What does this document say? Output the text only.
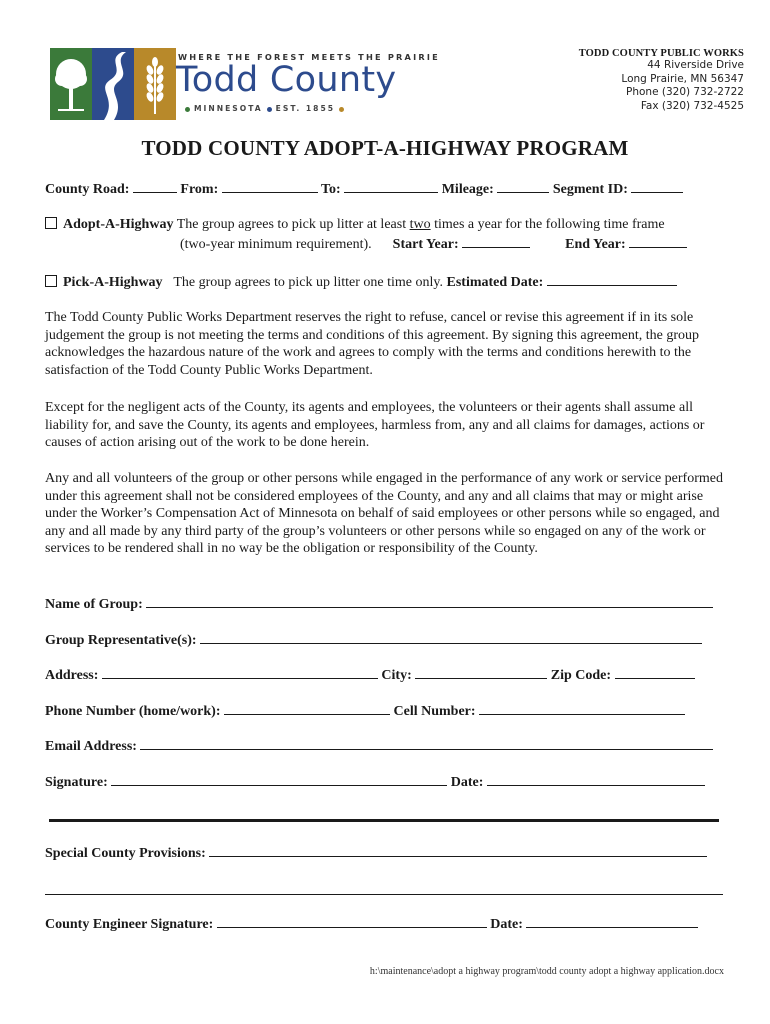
WHERE THE FOREST MEETS THE PRAIRIE
Todd County
MINNESOTA EST. 1855
TODD COUNTY PUBLIC WORKS
44 Riverside Drive
Long Prairie, MN 56347
Phone (320) 732-2722
Fax (320) 732-4525
TODD COUNTY ADOPT-A-HIGHWAY PROGRAM
County Road:	From:	To:	Mileage:	Segment ID:
Adopt-A-Highway The group agrees to pick up litter at least two times a year for the following time frame
(two-year minimum requirement). Start Year:	End Year:
Pick-A-Highway The group agrees to pick up litter one time only. Estimated Date:
The Todd County Public Works Department reserves the right to refuse, cancel or revise this agreement if in its sole judgement the group is not meeting the terms and conditions of this agreement. By signing this agreement, the group acknowledges the hazardous nature of the work and agrees to comply with the terms and conditions herewith to the satisfaction of the Todd County Public Works Department.
Except for the negligent acts of the County, its agents and employees, the volunteers or their agents shall assume all liability for, and save the County, its agents and employees, harmless from, any and all claims for damages, actions or causes of action arising out of the work to be done herein.
Any and all volunteers of the group or other persons while engaged in the performance of any work or service performed under this agreement shall not be considered employees of the County, and any and all claims that may or might arise under the Worker’s Compensation Act of Minnesota on behalf of said employees or other persons while so engaged, and any and all made by any third party of the group’s volunteers or other persons while so engaged on any of the work or services to be rendered shall in no way be the obligation or responsibility of the County.
Name of Group:
Group Representative(s):
Address:	City:	Zip Code:
Phone Number (home/work):	Cell Number:
Email Address:
Signature:	Date:
Special County Provisions:
County Engineer Signature:	Date:
h:\maintenance\adopt a highway program\todd county adopt a highway application.docx
